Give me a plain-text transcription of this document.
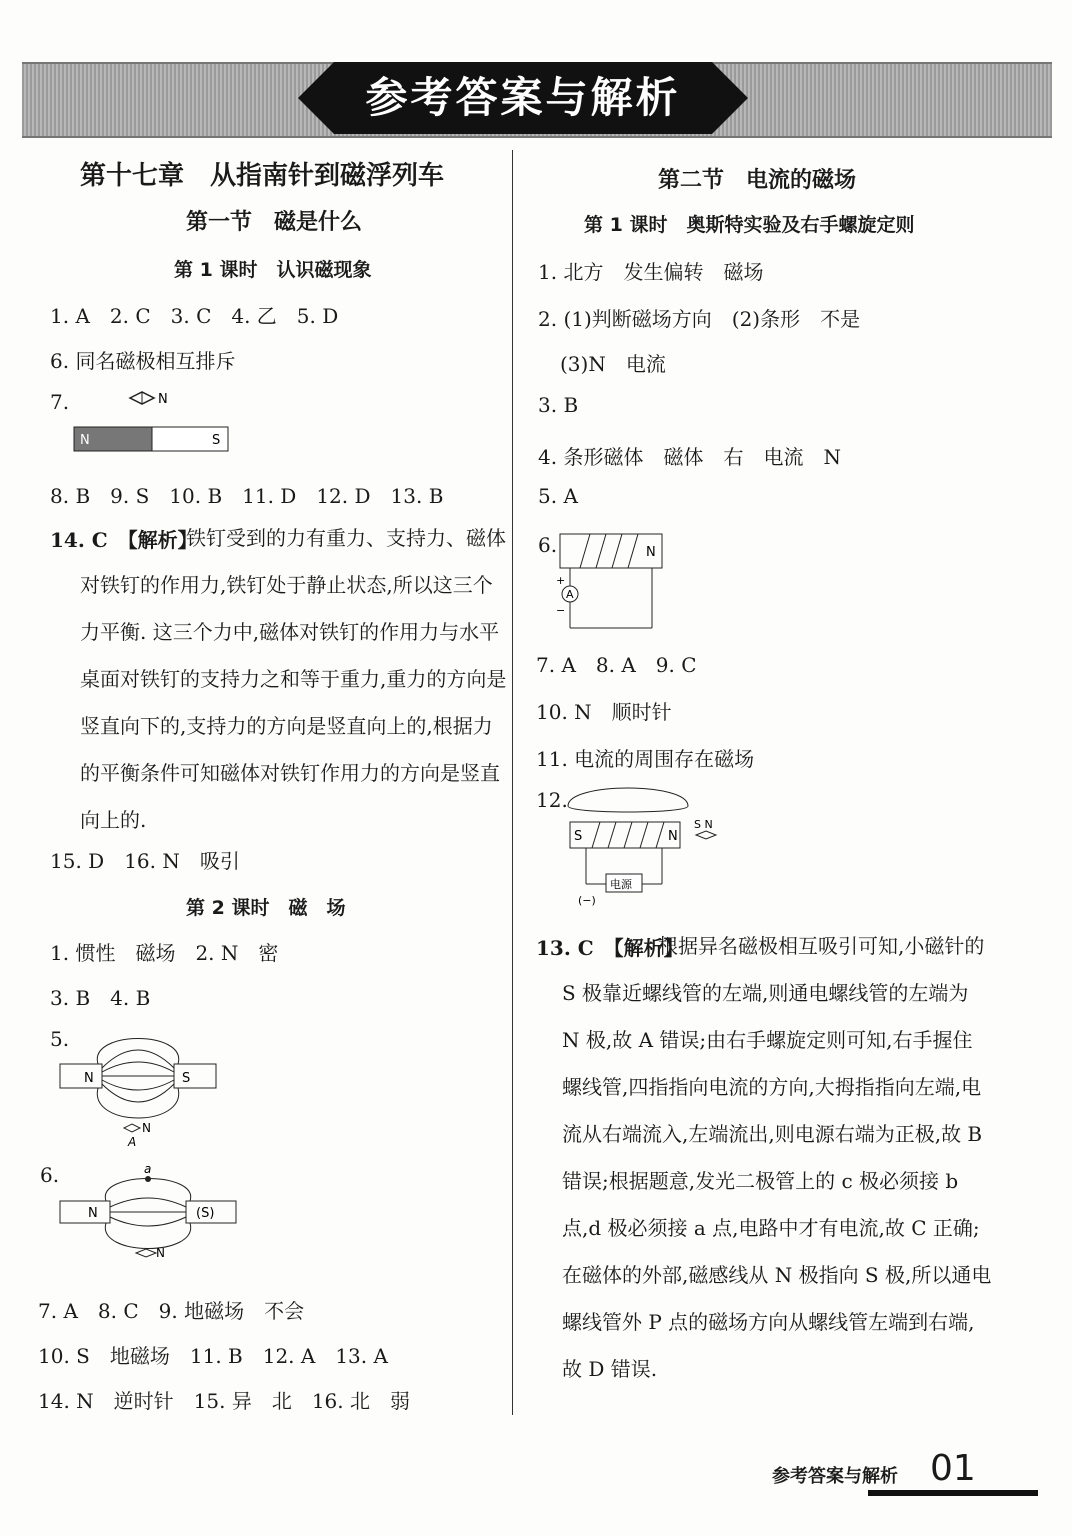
参考答案与解析
第十七章　从指南针到磁浮列车
第一节　磁是什么
第 1 课时　认识磁现象
1. A　2. C　3. C　4. 乙　5. D
6. 同名磁极相互排斥
7.	N
N	S
8. B　9. S　10. B　11. D　12. D　13. B
14. C　【解析】
铁钉受到的力有重力、支持力、磁体对铁钉的作用力,铁钉处于静止状态,所以这三个力平衡. 这三个力中,磁体对铁钉的作用力与水平桌面对铁钉的支持力之和等于重力,重力的方向是竖直向下的,支持力的方向是竖直向上的,根据力的平衡条件可知磁体对铁钉作用力的方向是竖直向上的.
15. D　16. N　吸引
第 2 课时　磁　场
1. 惯性　磁场　2. N　密
3. B　4. B
5.
N	S
N
A
6.
N	(S)
a
N
7. A　8. C　9. 地磁场　不会
10. S　地磁场　11. B　12. A　13. A
14. N　逆时针　15. 异　北　16. 北　弱
第二节　电流的磁场
第 1 课时　奥斯特实验及右手螺旋定则
1. 北方　发生偏转　磁场
2. (1)判断磁场方向　(2)条形　不是
(3)N　电流
3. B
4. 条形磁体　磁体　右　电流　N
5. A
6.	N
A
+
−
7. A　8. A　9. C
10. N　顺时针
11. 电流的周围存在磁场
12.
S	N
S N
电源
(−)
13. C　【解析】
根据异名磁极相互吸引可知,小磁针的 S 极靠近螺线管的左端,则通电螺线管的左端为 N 极,故 A 错误;由右手螺旋定则可知,右手握住螺线管,四指指向电流的方向,大拇指指向左端,电流从右端流入,左端流出,则电源右端为正极,故 B 错误;根据题意,发光二极管上的 c 极必须接 b 点,d 极必须接 a 点,电路中才有电流,故 C 正确;在磁体的外部,磁感线从 N 极指向 S 极,所以通电螺线管外 P 点的磁场方向从螺线管左端到右端,故 D 错误.
参考答案与解析 01
